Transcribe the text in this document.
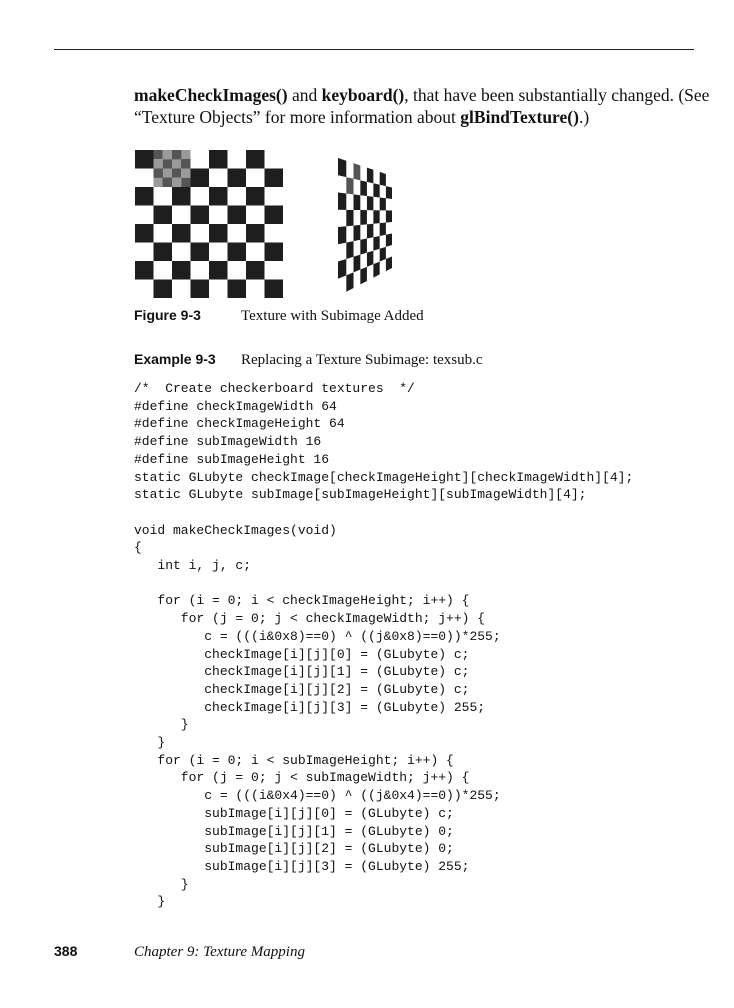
makeCheckImages() and keyboard(), that have been substantially changed. (See “Texture Objects” for more information about glBindTexture().)
Figure 9-3	Texture with Subimage Added
Example 9-3 Replacing a Texture Subimage: texsub.c
/*  Create checkerboard textures  */
#define checkImageWidth 64
#define checkImageHeight 64
#define subImageWidth 16
#define subImageHeight 16
static GLubyte checkImage[checkImageHeight][checkImageWidth][4];
static GLubyte subImage[subImageHeight][subImageWidth][4];

void makeCheckImages(void)
{
int i, j, c;

for (i = 0; i < checkImageHeight; i++) {
for (j = 0; j < checkImageWidth; j++) {
c = (((i&0x8)==0) ^ ((j&0x8)==0))*255;
checkImage[i][j][0] = (GLubyte) c;
checkImage[i][j][1] = (GLubyte) c;
checkImage[i][j][2] = (GLubyte) c;
checkImage[i][j][3] = (GLubyte) 255;
}
}
for (i = 0; i < subImageHeight; i++) {
for (j = 0; j < subImageWidth; j++) {
c = (((i&0x4)==0) ^ ((j&0x4)==0))*255;
subImage[i][j][0] = (GLubyte) c;
subImage[i][j][1] = (GLubyte) 0;
subImage[i][j][2] = (GLubyte) 0;
subImage[i][j][3] = (GLubyte) 255;
}
}
388	Chapter 9: Texture Mapping
